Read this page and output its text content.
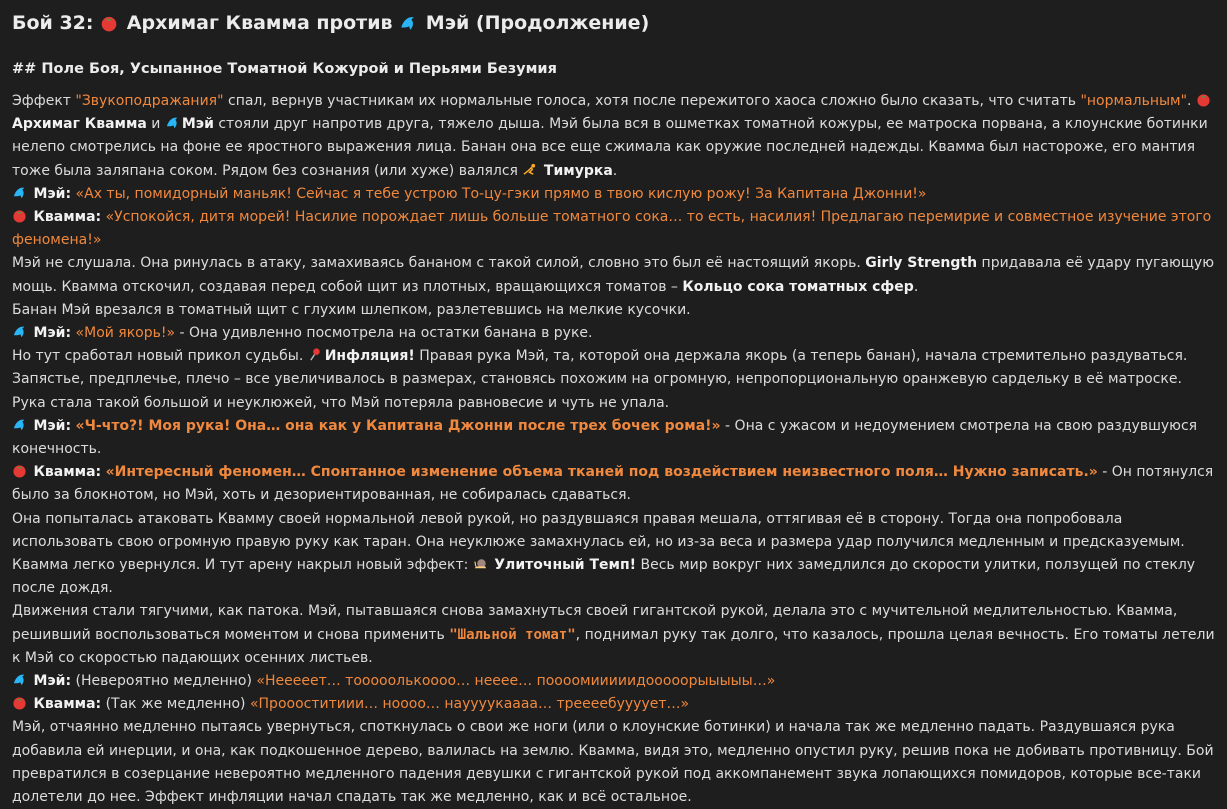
Бой 32: Архимаг Квамма против Мэй (Продолжение)
## Поле Боя, Усыпанное Томатной Кожурой и Перьями Безумия

Эффект "Звукоподражания" спал, вернув участникам их нормальные голоса, хотя после пережитого хаоса сложно было сказать, что считать "нормальным". Архимаг Квамма и Мэй стояли друг напротив друга, тяжело дыша. Мэй была вся в ошметках томатной кожуры, ее матроска порвана, а клоунские ботинки нелепо смотрелись на фоне ее яростного выражения лица. Банан она все еще сжимала как оружие последней надежды. Квамма был настороже, его мантия тоже была заляпана соком. Рядом без сознания (или хуже) валялся  Тимурка.

Мэй: «Ах ты, помидорный маньяк! Сейчас я тебе устрою То-цу-гэки прямо в твою кислую рожу! За Капитана Джонни!»

Квамма: «Успокойся, дитя морей! Насилие порождает лишь больше томатного сока… то есть, насилия! Предлагаю перемирие и совместное изучение этого феномена!»

Мэй не слушала. Она ринулась в атаку, замахиваясь бананом с такой силой, словно это был её настоящий якорь. Girly Strength придавала её удару пугающую мощь. Квамма отскочил, создавая перед собой щит из плотных, вращающихся томатов – Кольцо сока томатных сфер.

Банан Мэй врезался в томатный щит с глухим шлепком, разлетевшись на мелкие кусочки.

Мэй: «Мой якорь!» - Она удивленно посмотрела на остатки банана в руке.

Но тут сработал новый прикол судьбы. Инфляция! Правая рука Мэй, та, которой она держала якорь (а теперь банан), начала стремительно раздуваться. Запястье, предплечье, плечо – все увеличивалось в размерах, становясь похожим на огромную, непропорциональную оранжевую сардельку в её матроске. Рука стала такой большой и неуклюжей, что Мэй потеряла равновесие и чуть не упала.

Мэй: «Ч-что?! Моя рука! Она… она как у Капитана Джонни после трех бочек рома!» - Она с ужасом и недоумением смотрела на свою раздувшуюся конечность.

Квамма: «Интересный феномен… Спонтанное изменение объема тканей под воздействием неизвестного поля… Нужно записать.» - Он потянулся было за блокнотом, но Мэй, хоть и дезориентированная, не собиралась сдаваться.

Она попыталась атаковать Квамму своей нормальной левой рукой, но раздувшаяся правая мешала, оттягивая её в сторону. Тогда она попробовала использовать свою огромную правую руку как таран. Она неуклюже замахнулась ей, но из-за веса и размера удар получился медленным и предсказуемым.

Квамма легко увернулся. И тут арену накрыл новый эффект:  Улиточный Темп! Весь мир вокруг них замедлился до скорости улитки, ползущей по стеклу после дождя.

Движения стали тягучими, как патока. Мэй, пытавшаяся снова замахнуться своей гигантской рукой, делала это с мучительной медлительностью. Квамма, решивший воспользоваться моментом и снова применить "Шальной томат", поднимал руку так долго, что казалось, прошла целая вечность. Его томаты летели к Мэй со скоростью падающих осенних листьев.

Мэй: (Невероятно медленно) «Нееееет… тооооолькоооо… нееее… поооомииииидооооорыыыыы…»

Квамма: (Так же медленно) «Проооститиии… нoooo… науууукаааа… треееебуууует…»

Мэй, отчаянно медленно пытаясь увернуться, споткнулась о свои же ноги (или о клоунские ботинки) и начала так же медленно падать. Раздувшаяся рука добавила ей инерции, и она, как подкошенное дерево, валилась на землю. Квамма, видя это, медленно опустил руку, решив пока не добивать противницу. Бой превратился в созерцание невероятно медленного падения девушки с гигантской рукой под аккомпанемент звука лопающихся помидоров, которые все-таки долетели до нее. Эффект инфляции начал спадать так же медленно, как и всё остальное.
